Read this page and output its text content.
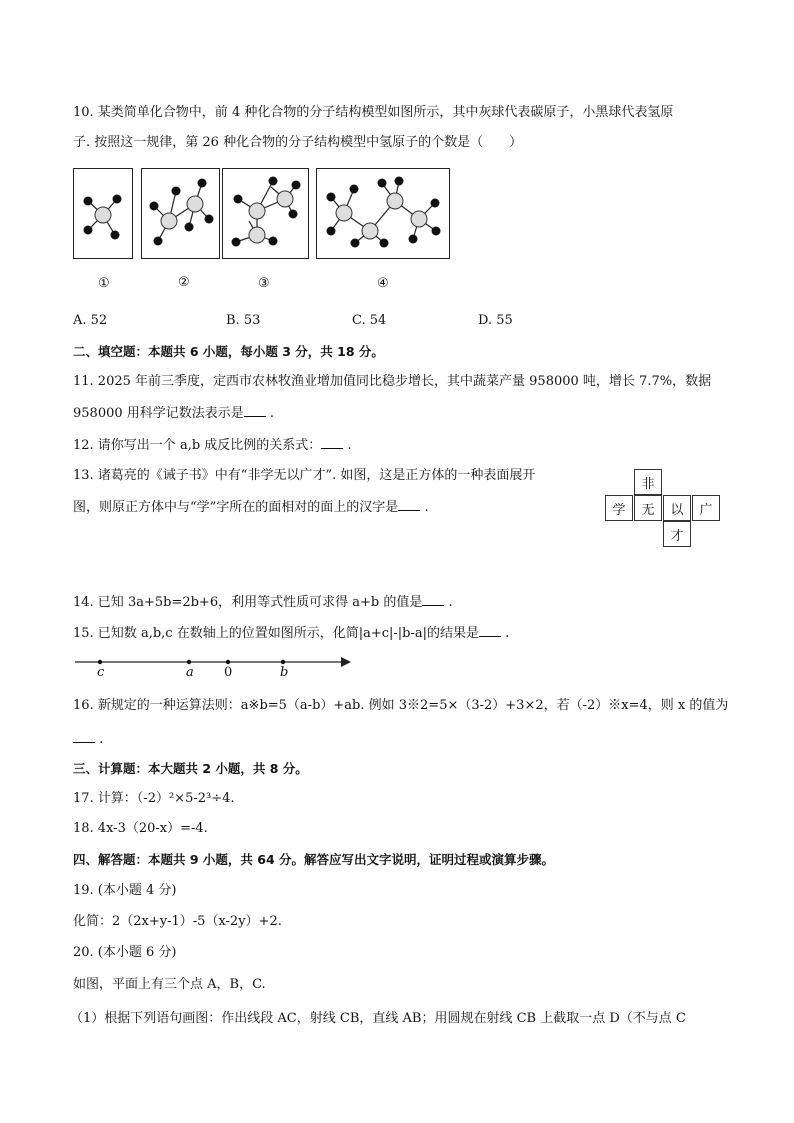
10. 某类简单化合物中，前 4 种化合物的分子结构模型如图所示，其中灰球代表碳原子，小黑球代表氢原
子. 按照这一规律，第 26 种化合物的分子结构模型中氢原子的个数是（　　）
①	②	③	④
A. 52	B. 53	C. 54	D. 55
二、填空题：本题共 6 小题，每小题 3 分，共 18 分。
11. 2025 年前三季度，定西市农林牧渔业增加值同比稳步增长，其中蔬菜产量 958000 吨，增长 7.7%，数据
958000 用科学记数法表示是 .
12. 请你写出一个 a,b 成反比例的关系式： .
13. 诸葛亮的《诫子书》中有“非学无以广才”. 如图，这是正方体的一种表面展开
图，则原正方体中与“学”字所在的面相对的面上的汉字是 .
非
学	无	以	广
才
14. 已知 3a+5b=2b+6，利用等式性质可求得 a+b 的值是 .
15. 已知数 a,b,c 在数轴上的位置如图所示，化简|a+c|-|b-a|的结果是 .
c	a 0	b
16. 新规定的一种运算法则：a※b=5（a-b）+ab. 例如 3※2=5×（3-2）+3×2，若（-2）※x=4，则 x 的值为
.
三、计算题：本大题共 2 小题，共 8 分。
17. 计算：（-2）²×5-2³÷4.
18. 4x-3（20-x）=-4.
四、解答题：本题共 9 小题，共 64 分。解答应写出文字说明，证明过程或演算步骤。
19. (本小题 4 分)
化简：2（2x+y-1）-5（x-2y）+2.
20. (本小题 6 分)
如图，平面上有三个点 A，B，C.
（1）根据下列语句画图：作出线段 AC，射线 CB，直线 AB；用圆规在射线 CB 上截取一点 D（不与点 C
